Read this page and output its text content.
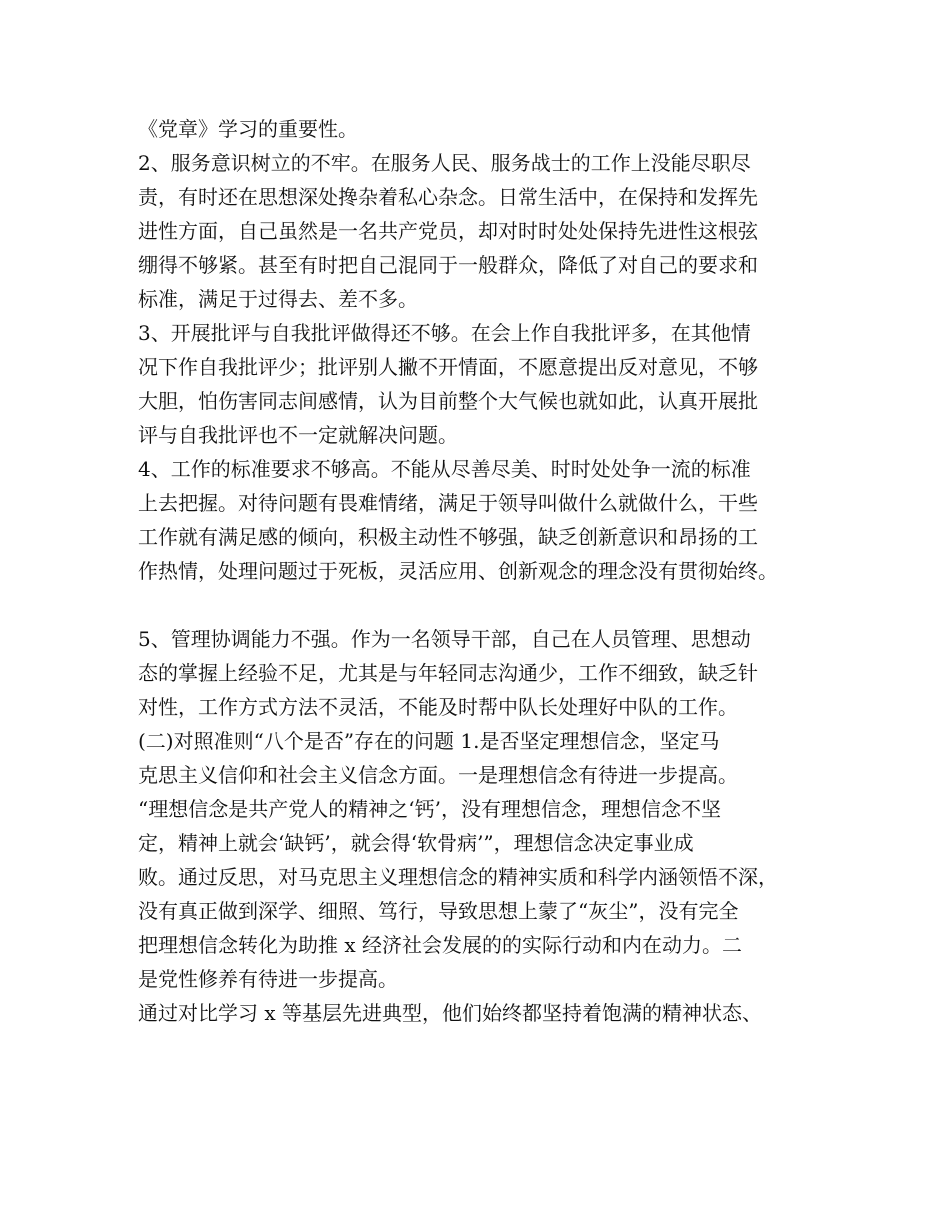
《党章》学习的重要性。
2、服务意识树立的不牢。在服务人民、服务战士的工作上没能尽职尽
责，有时还在思想深处搀杂着私心杂念。日常生活中，在保持和发挥先
进性方面，自己虽然是一名共产党员，却对时时处处保持先进性这根弦
绷得不够紧。甚至有时把自己混同于一般群众，降低了对自己的要求和
标准，满足于过得去、差不多。
3、开展批评与自我批评做得还不够。在会上作自我批评多，在其他情
况下作自我批评少；批评别人撇不开情面，不愿意提出反对意见，不够
大胆，怕伤害同志间感情，认为目前整个大气候也就如此，认真开展批
评与自我批评也不一定就解决问题。
4、工作的标准要求不够高。不能从尽善尽美、时时处处争一流的标准
上去把握。对待问题有畏难情绪，满足于领导叫做什么就做什么，干些
工作就有满足感的倾向，积极主动性不够强，缺乏创新意识和昂扬的工
作热情，处理问题过于死板，灵活应用、创新观念的理念没有贯彻始终。
5、管理协调能力不强。作为一名领导干部，自己在人员管理、思想动
态的掌握上经验不足，尤其是与年轻同志沟通少，工作不细致，缺乏针
对性，工作方式方法不灵活，不能及时帮中队长处理好中队的工作。
(二)对照准则“八个是否”存在的问题 1.是否坚定理想信念，坚定马
克思主义信仰和社会主义信念方面。一是理想信念有待进一步提高。
“理想信念是共产党人的精神之‘钙’，没有理想信念，理想信念不坚
定，精神上就会‘缺钙’，就会得‘软骨病’”，理想信念决定事业成
败。通过反思，对马克思主义理想信念的精神实质和科学内涵领悟不深，
没有真正做到深学、细照、笃行，导致思想上蒙了“灰尘”，没有完全
把理想信念转化为助推 x 经济社会发展的的实际行动和内在动力。二
是党性修养有待进一步提高。
通过对比学习 x 等基层先进典型，他们始终都坚持着饱满的精神状态、
